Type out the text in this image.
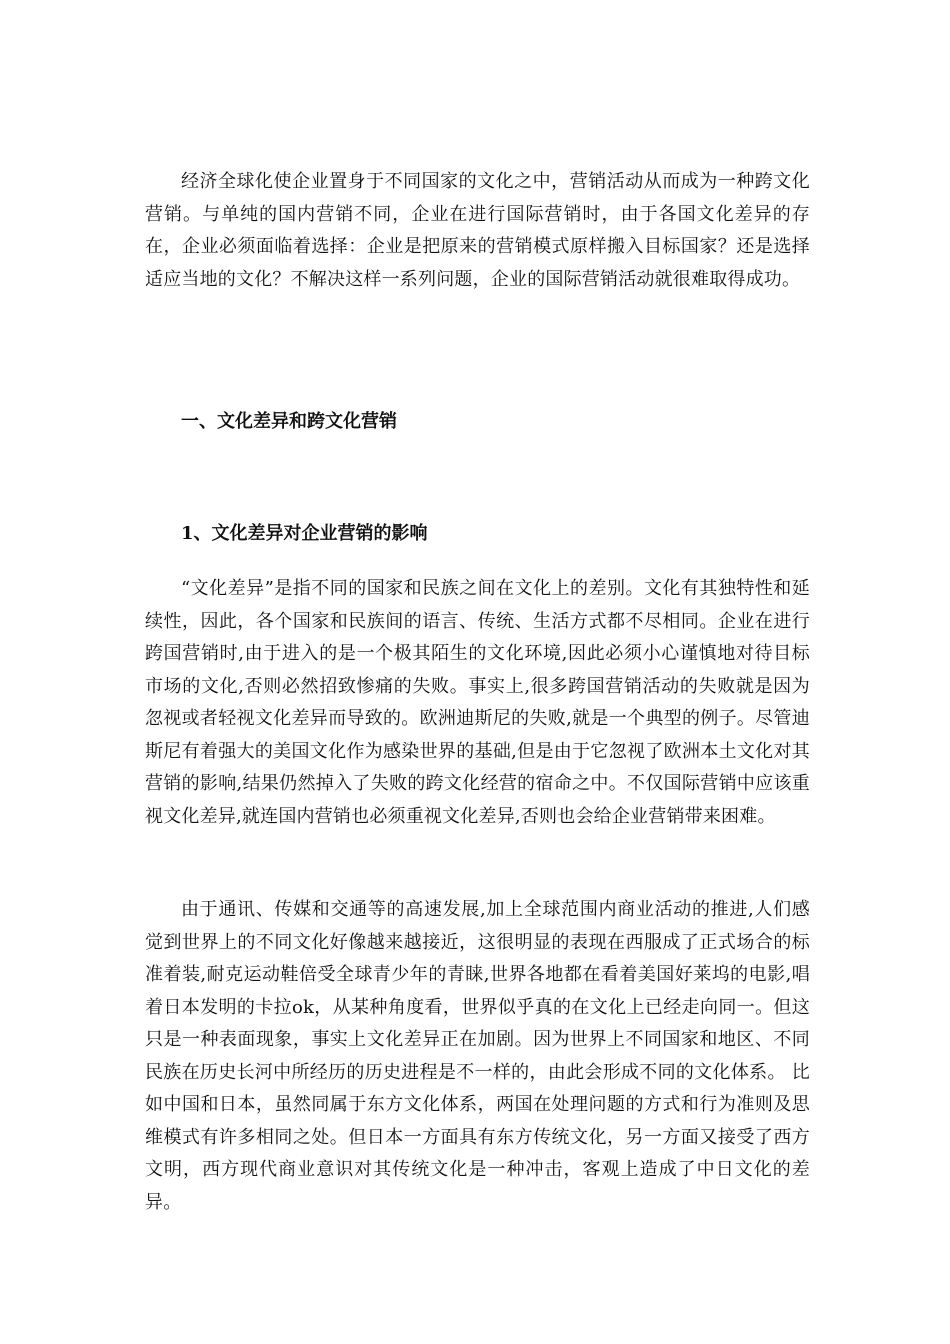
经济全球化使企业置身于不同国家的文化之中，营销活动从而成为一种跨文化营销。与单纯的国内营销不同，企业在进行国际营销时，由于各国文化差异的存在，企业必须面临着选择：企业是把原来的营销模式原样搬入目标国家？还是选择适应当地的文化？不解决这样一系列问题，企业的国际营销活动就很难取得成功。

一、文化差异和跨文化营销
1、文化差异对企业营销的影响

“文化差异”是指不同的国家和民族之间在文化上的差别。文化有其独特性和延续性，因此，各个国家和民族间的语言、传统、生活方式都不尽相同。企业在进行跨国营销时,由于进入的是一个极其陌生的文化环境,因此必须小心谨慎地对待目标市场的文化,否则必然招致惨痛的失败。事实上,很多跨国营销活动的失败就是因为忽视或者轻视文化差异而导致的。欧洲迪斯尼的失败,就是一个典型的例子。尽管迪斯尼有着强大的美国文化作为感染世界的基础,但是由于它忽视了欧洲本土文化对其营销的影响,结果仍然掉入了失败的跨文化经营的宿命之中。不仅国际营销中应该重视文化差异,就连国内营销也必须重视文化差异,否则也会给企业营销带来困难。

由于通讯、传媒和交通等的高速发展,加上全球范围内商业活动的推进,人们感觉到世界上的不同文化好像越来越接近，这很明显的表现在西服成了正式场合的标准着装,耐克运动鞋倍受全球青少年的青睐,世界各地都在看着美国好莱坞的电影,唱着日本发明的卡拉ok，从某种角度看，世界似乎真的在文化上已经走向同一。但这只是一种表面现象，事实上文化差异正在加剧。因为世界上不同国家和地区、不同民族在历史长河中所经历的历史进程是不一样的，由此会形成不同的文化体系。 比如中国和日本，虽然同属于东方文化体系，两国在处理问题的方式和行为准则及思维模式有许多相同之处。但日本一方面具有东方传统文化，另一方面又接受了西方文明，西方现代商业意识对其传统文化是一种冲击，客观上造成了中日文化的差异。
